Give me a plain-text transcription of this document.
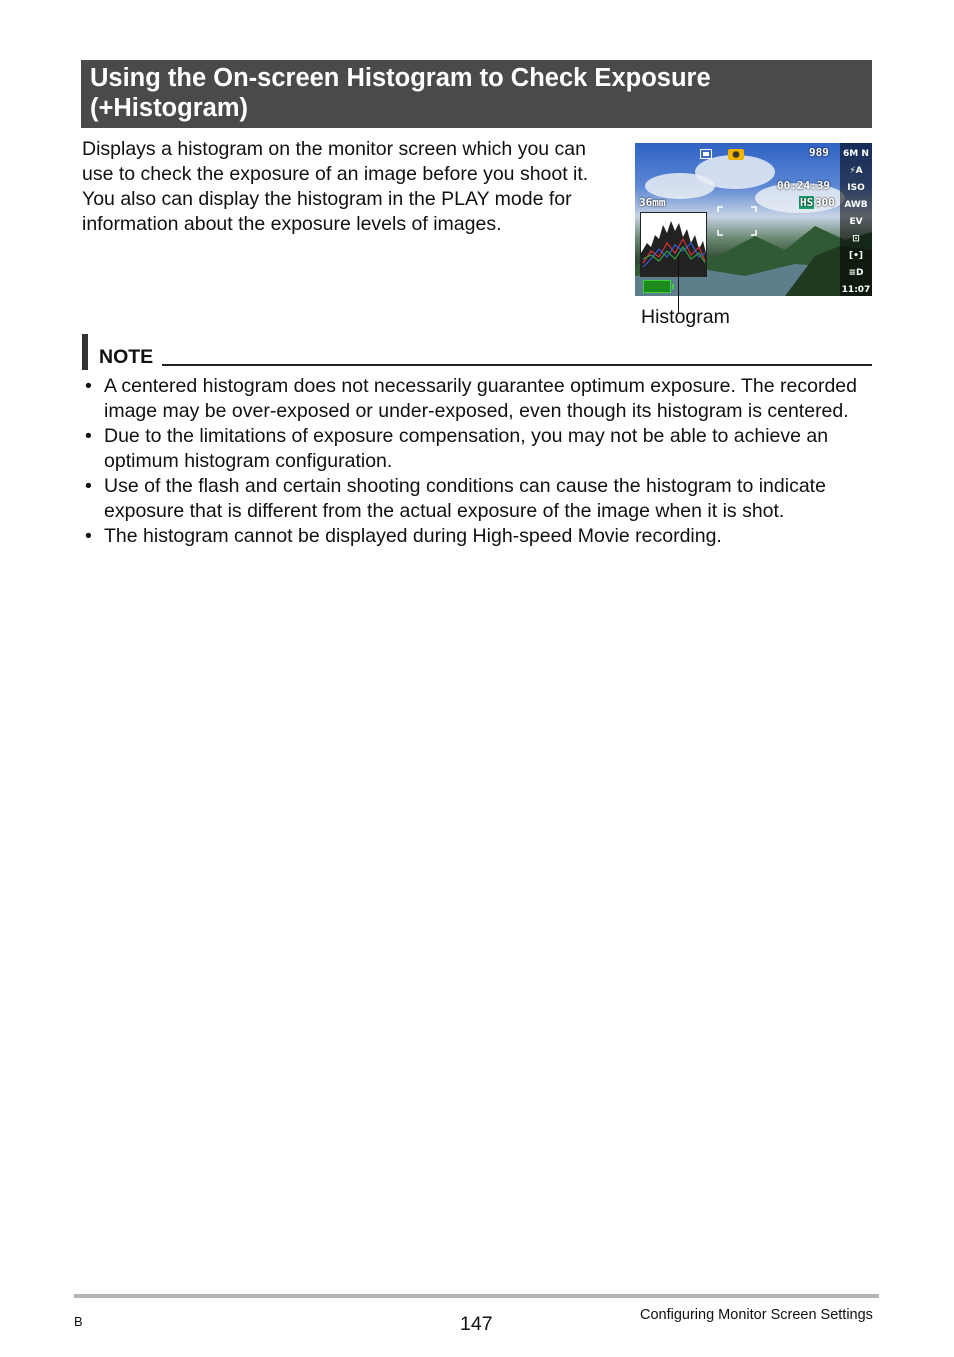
Using the On-screen Histogram to Check Exposure (+Histogram)

Displays a histogram on the monitor screen which you can use to check the exposure of an image before you shoot it. You also can display the histogram in the PLAY mode for information about the exposure levels of images.

989
00:24:39
HS 300
36mm
6M N
⚡A
ISO
AWB
EV
⊡
[•]
≡D
11:07
Histogram
NOTE
• A centered histogram does not necessarily guarantee optimum exposure. The recorded image may be over-exposed or under-exposed, even though its histogram is centered.
• Due to the limitations of exposure compensation, you may not be able to achieve an optimum histogram configuration.
• Use of the flash and certain shooting conditions can cause the histogram to indicate exposure that is different from the actual exposure of the image when it is shot.
• The histogram cannot be displayed during High-speed Movie recording.
B	147	Configuring Monitor Screen Settings
